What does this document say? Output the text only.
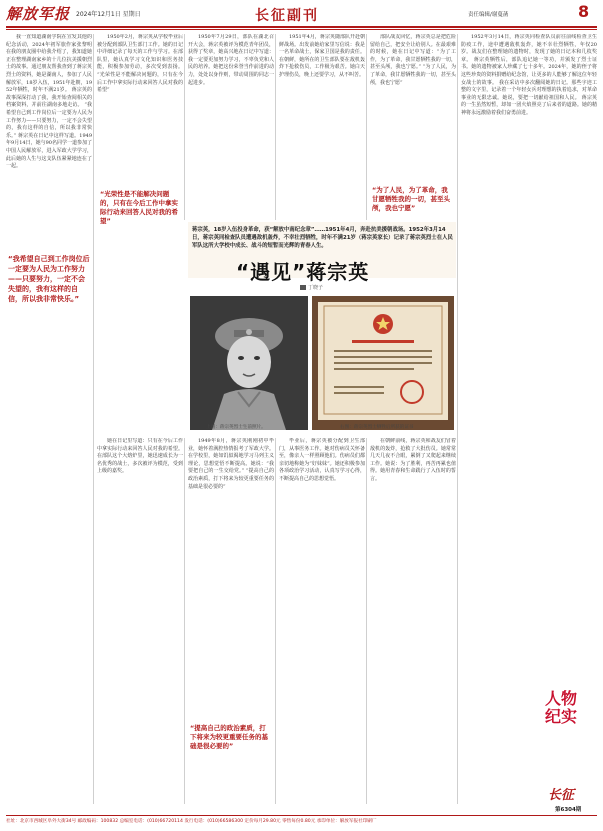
解放军报 2024年12月1日 星期日	长征副刊	责任编辑/谢蔓菡	8
我一直知道湖南学院在宣发其他的纪念活动，2024年初军旅作家张黎明在我的朋友圈中给我介绍了，我知道她正在整理湖南家乡的十几位抗美援朝烈士的故事。通过朋友帮我查到了蒋宗英烈士的资料，她是湖南人，参加了人民解放军，18岁入伍，1951年赴朝，1952年牺牲，时年不满21岁。 蒋宗英的故事深深打动了我，我开始查阅相关的档案资料，并前往湖南多地走访。 “我希望自己到工作岗位后一定要为人民为工作努力——只要努力，一定不会失望的，我有这样的自信，所以我非常快乐。” 蒋宗英在日记中这样写道。1949年9月14日，她与90名同学一道参加了中国人民解放军，进入军政大学学习，此后她的人生与这支队伍紧紧地连在了一起。
1950年2月，蒋宗英从学校毕业后被分配到部队卫生部门工作。她的日记中详细记录了每天的工作与学习。在部队里，她认真学习文化知识和医务技能，积极参加劳动，多次受到表扬。 “光荣性是不能解决问题的，只有在今后工作中拿实际行动来回答人民对我的希望”
1950年7月29日，部队在湖北召开大会，蒋宗英被评为模范青年团员，获得了奖章，她高兴地在日记中写道：我一定要更加努力学习，不辜负党和人民的培养。她把这份荣誉当作前进的动力，处处以身作则，带动周围的同志一起进步。
1951年4月，蒋宗英随部队开赴朝鲜战场。出发前她给家里写信说：我是一名革命战士，保家卫国是我的责任。在朝鲜，她所在的卫生部队要在敌机轰炸下抢救伤员，工作极为艰苦。她白天护理伤员，晚上还要学习，从不叫苦。
部队战友回忆，蒋宗英总是把危险留给自己，把安全让给别人。在最艰难的时候，她在日记中写道：“为了工作，为了革命，我甘愿牺牲我的一切，甚至头颅，我也宁愿。” “为了人民，为了革命，我甘愿牺牲我的一切，甚至头颅，我也宁愿”
1952年3月14日，蒋宗英同检查队员前往前线检查卫生防疫工作，途中遭遇敌机轰炸，她不幸壮烈牺牲，年仅20岁。战友们在整理她的遗物时，发现了她的日记本和几枚奖章。 蒋宗英牺牲后，部队追记她一等功，并颁发了烈士证书。她的遗物被家人珍藏了七十多年。2024年，她的侄子将这些珍贵的资料捐赠给纪念馆，让更多的人能够了解这位年轻女战士的故事。 我在采访中多次翻阅她的日记。那些字迹工整的文字里，记录着一个年轻女兵对理想的执着追求，对革命事业的无限忠诚。她说，要把一切献给祖国和人民。 蒋宗英的一生虽然短暂，却如一团火焰照亮了后来者的道路。她的精神将永远激励着我们奋勇前进。
她在日记里写道：只有在今后工作中拿实际行动来回答人民对我的希望。在部队这个大熔炉里，她迅速成长为一名优秀的战士，多次被评为模范，受到上级的嘉奖。
1949年8月，蒋宗英刚刚初中毕业，她怀着满腔热情报考了军政大学。在学校里，她如饥似渴地学习马列主义理论，思想觉悟不断提高。她说：“我要把自己的一生交给党。” “提高自己的政治素质，打下将来为较更重要任务的基础是很必要的”
毕业后，蒋宗英被分配到卫生部门，从事医务工作。她对伤病员关怀备至，像亲人一样照顾他们。伤病员们都亲切地称她为“好妹妹”。她还积极参加各项政治学习活动，认真写学习心得，不断提高自己的思想觉悟。
在朝鲜前线，蒋宗英和战友们冒着敌机的轰炸，抢救了大批伤员。她常常几天几夜不合眼，累倒了又爬起来继续工作。她说：为了胜利，再苦再累也值得。她用青春和生命践行了入伍时的誓言。
“我希望自己到工作岗位后一定要为人民为工作努力——只要努力，一定不会失望的，我有这样的自信，所以我非常快乐。”
“光荣性是不能解决问题的，只有在今后工作中拿实际行动来回答人民对我的希望”
“为了人民，为了革命，我甘愿牺牲我的一切，甚至头颅，我也宁愿”
“提高自己的政治素质，打下将来为较更重要任务的基础是很必要的”
蒋宗英，18岁入伍投身革命，获“解放中南纪念章”……1951年4月，奔赴抗美援朝战场。1952年3月14日，蒋宗英同检查队员遭遇敌机轰炸，不幸壮烈牺牲，时年不满21岁（蒋宗英家长）记录了蒋宗英烈士在人民军队这所大学校中成长、战斗的短暂而光辉的青春人生。
“遇见”蒋宗英
丁晓子
上图：蒋宗英烈士生前照片。	右图：蒋宗英烈士牺牲后所获的证书
人物
纪实
长征
第6304期
社址：北京市西城区阜外大街34号 邮政编码：100832 总编室电话：(010)66720114 发行电话：(010)66586300 定价每月29.80元 零售每份0.80元 承印单位：解放军报社印刷厂
